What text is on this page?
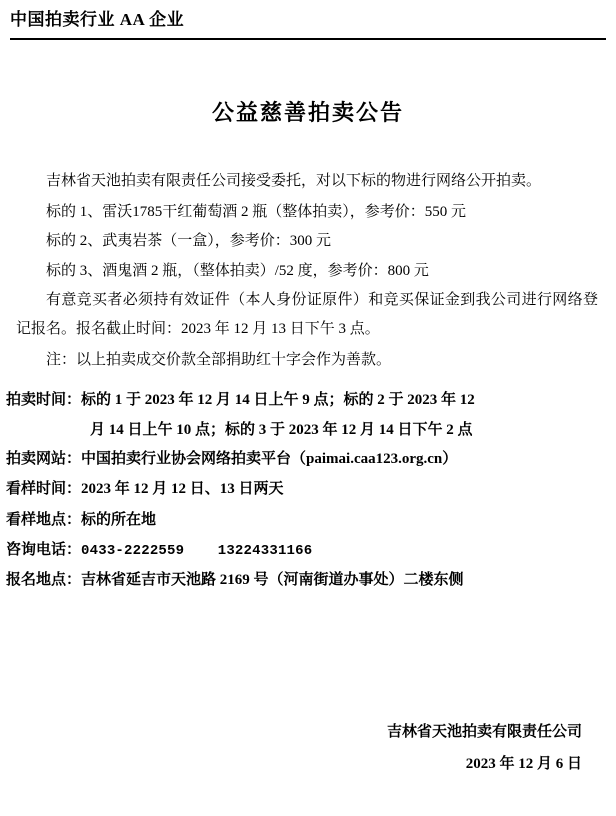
中国拍卖行业 AA 企业
公益慈善拍卖公告

吉林省天池拍卖有限责任公司接受委托，对以下标的物进行网络公开拍卖。

标的 1、雷沃1785干红葡萄酒 2 瓶（整体拍卖），参考价：550 元

标的 2、武夷岩茶（一盒），参考价：300 元

标的 3、酒鬼酒 2 瓶，（整体拍卖）/52 度，参考价：800 元

有意竞买者必须持有效证件（本人身份证原件）和竞买保证金到我公司进行网络登记报名。报名截止时间：2023 年 12 月 13 日下午 3 点。

注：以上拍卖成交价款全部捐助红十字会作为善款。

拍卖时间： 标的 1 于 2023 年 12 月 14 日上午 9 点；标的 2 于 2023 年 12
月 14 日上午 10 点；标的 3 于 2023 年 12 月 14 日下午 2 点
拍卖网站： 中国拍卖行业协会网络拍卖平台（paimai.caa123.org.cn）
看样时间： 2023 年 12 月 12 日、13 日两天
看样地点： 标的所在地
咨询电话： 0433-2222559 13224331166
报名地点： 吉林省延吉市天池路 2169 号（河南街道办事处）二楼东侧
吉林省天池拍卖有限责任公司
2023 年 12 月 6 日
